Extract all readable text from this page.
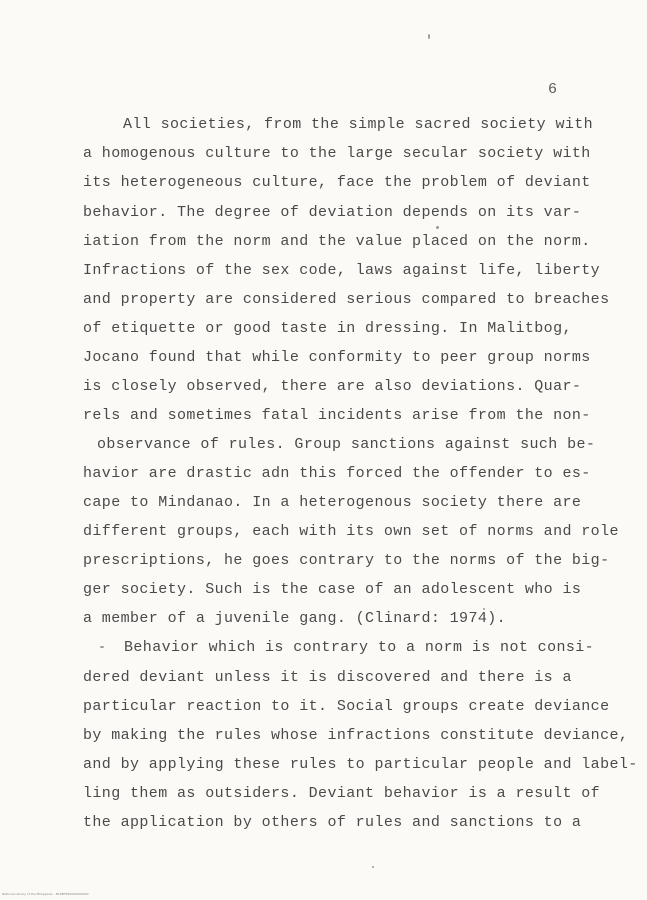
6
All societies, from the simple sacred society with
a homogenous culture to the large secular society with
its heterogeneous culture, face the problem of deviant
behavior. The degree of deviation depends on its var-
iation from the norm and the value placed on the norm.
Infractions of the sex code, laws against life, liberty
and property are considered serious compared to breaches
of etiquette or good taste in dressing. In Malitbog,
Jocano found that while conformity to peer group norms
is closely observed, there are also deviations. Quar-
rels and sometimes fatal incidents arise from the non-
observance of rules. Group sanctions against such be-
havior are drastic adn this forced the offender to es-
cape to Mindanao. In a heterogenous society there are
different groups, each with its own set of norms and role
prescriptions, he goes contrary to the norms of the big-
ger society. Such is the case of an adolescent who is
a member of a juvenile gang. (Clinard: 1974).
Behavior which is contrary to a norm is not consi-
dered deviant unless it is discovered and there is a
particular reaction to it. Social groups create deviance
by making the rules whose infractions constitute deviance,
and by applying these rules to particular people and label-
ling them as outsiders. Deviant behavior is a result of
the application by others of rules and sanctions to a
National Library of the Philippines · MLPBTES0000000000
